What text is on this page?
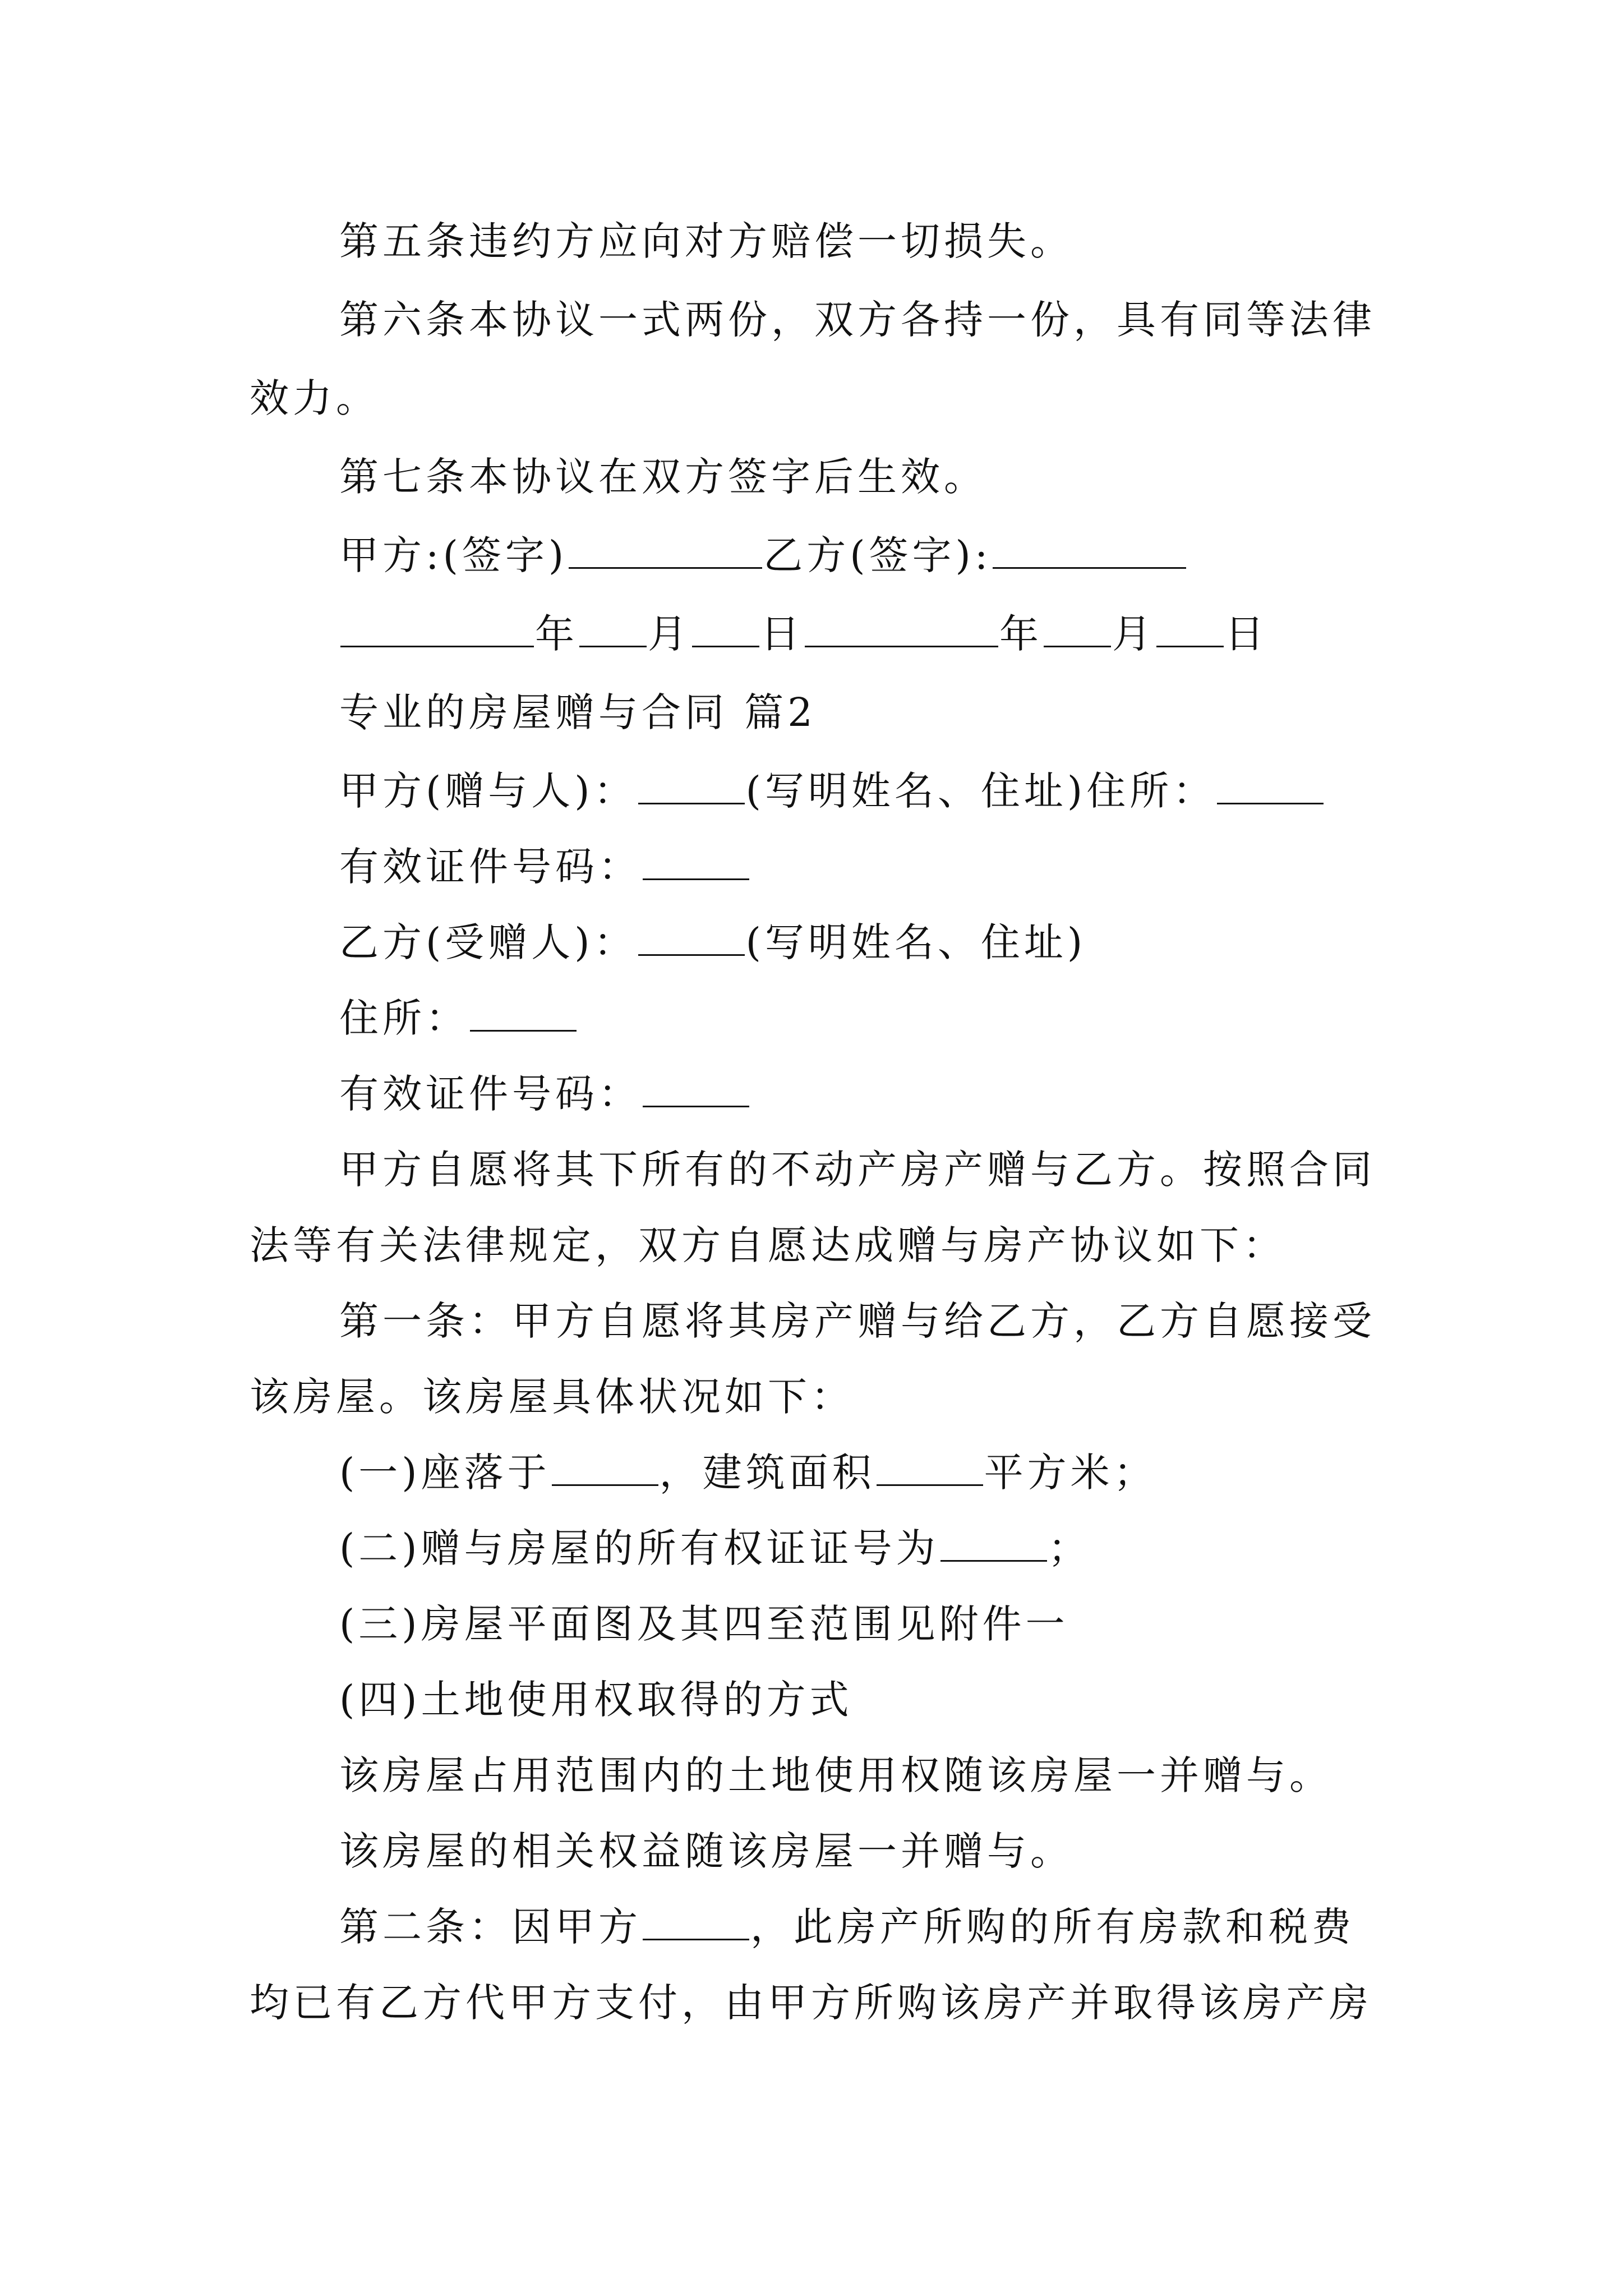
第五条违约方应向对方赔偿一切损失。
第六条本协议一式两份，双方各持一份，具有同等法律
效力。
第七条本协议在双方签字后生效。
甲方:(签字)	乙方(签字):
年 月 日	年 月 日
专业的房屋赠与合同 篇2
甲方(赠与人)：	(写明姓名、住址)住所：
有效证件号码：
乙方(受赠人)：	(写明姓名、住址)
住所：
有效证件号码：
甲方自愿将其下所有的不动产房产赠与乙方。按照合同
法等有关法律规定，双方自愿达成赠与房产协议如下：
第一条：甲方自愿将其房产赠与给乙方，乙方自愿接受
该房屋。该房屋具体状况如下：
(一)座落于	，建筑面积	平方米；
(二)赠与房屋的所有权证证号为	；
(三)房屋平面图及其四至范围见附件一
(四)土地使用权取得的方式
该房屋占用范围内的土地使用权随该房屋一并赠与。
该房屋的相关权益随该房屋一并赠与。
第二条：因甲方	，此房产所购的所有房款和税费
均已有乙方代甲方支付，由甲方所购该房产并取得该房产房
